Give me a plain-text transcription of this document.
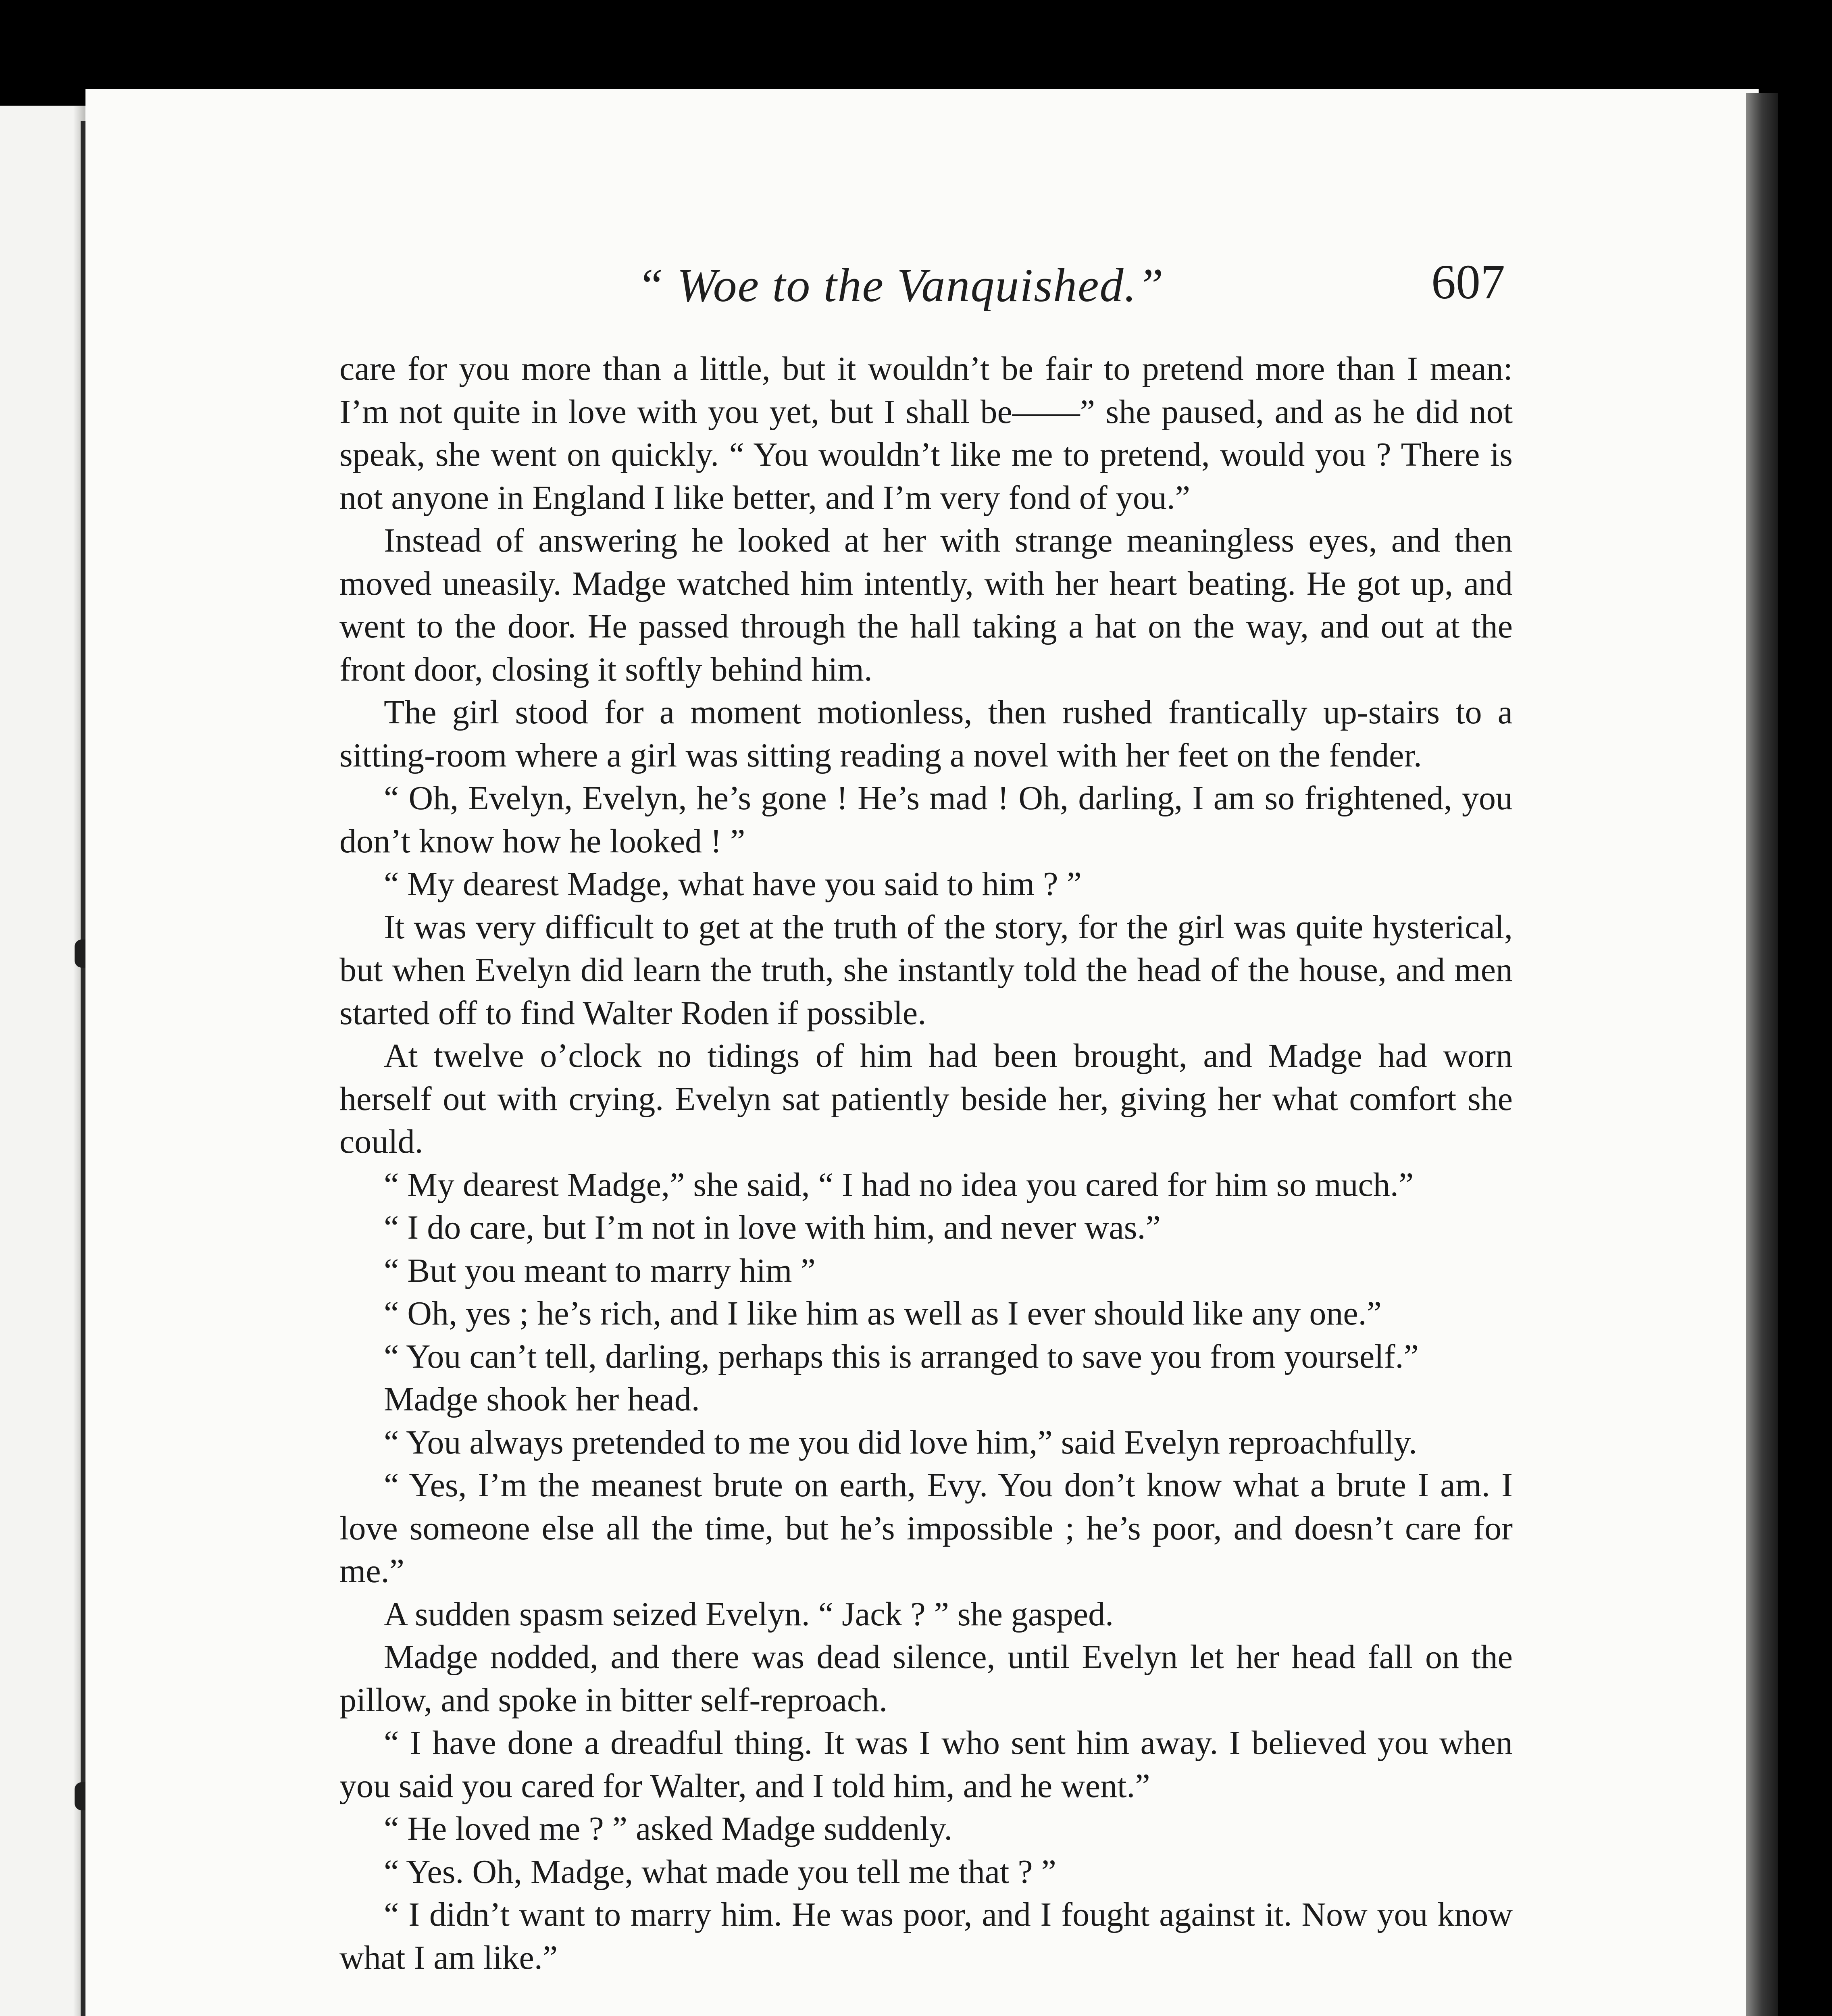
“ Woe to the Vanquished.”	607

care for you more than a little, but it wouldn’t be fair to pretend more than I mean: I’m not quite in love with you yet, but I shall be——” she paused, and as he did not speak, she went on quickly. “ You wouldn’t like me to pretend, would you ? There is not anyone in England I like better, and I’m very fond of you.”

Instead of answering he looked at her with strange meaningless eyes, and then moved uneasily. Madge watched him intently, with her heart beating. He got up, and went to the door. He passed through the hall taking a hat on the way, and out at the front door, closing it softly behind him.

The girl stood for a moment motionless, then rushed frantically up-stairs to a sitting-room where a girl was sitting reading a novel with her feet on the fender.

“ Oh, Evelyn, Evelyn, he’s gone ! He’s mad ! Oh, darling, I am so frightened, you don’t know how he looked ! ”

“ My dearest Madge, what have you said to him ? ”

It was very difficult to get at the truth of the story, for the girl was quite hysterical, but when Evelyn did learn the truth, she instantly told the head of the house, and men started off to find Walter Roden if possible.

At twelve o’clock no tidings of him had been brought, and Madge had worn herself out with crying. Evelyn sat patiently beside her, giving her what comfort she could.

“ My dearest Madge,” she said, “ I had no idea you cared for him so much.”

“ I do care, but I’m not in love with him, and never was.”

“ But you meant to marry him ”

“ Oh, yes ; he’s rich, and I like him as well as I ever should like any one.”

“ You can’t tell, darling, perhaps this is arranged to save you from yourself.”

Madge shook her head.

“ You always pretended to me you did love him,” said Evelyn reproachfully.

“ Yes, I’m the meanest brute on earth, Evy. You don’t know what a brute I am. I love someone else all the time, but he’s impossible ; he’s poor, and doesn’t care for me.”

A sudden spasm seized Evelyn. “ Jack ? ” she gasped.

Madge nodded, and there was dead silence, until Evelyn let her head fall on the pillow, and spoke in bitter self-reproach.

“ I have done a dreadful thing. It was I who sent him away. I believed you when you said you cared for Walter, and I told him, and he went.”

“ He loved me ? ” asked Madge suddenly.

“ Yes. Oh, Madge, what made you tell me that ? ”

“ I didn’t want to marry him. He was poor, and I fought against it. Now you know what I am like.”
